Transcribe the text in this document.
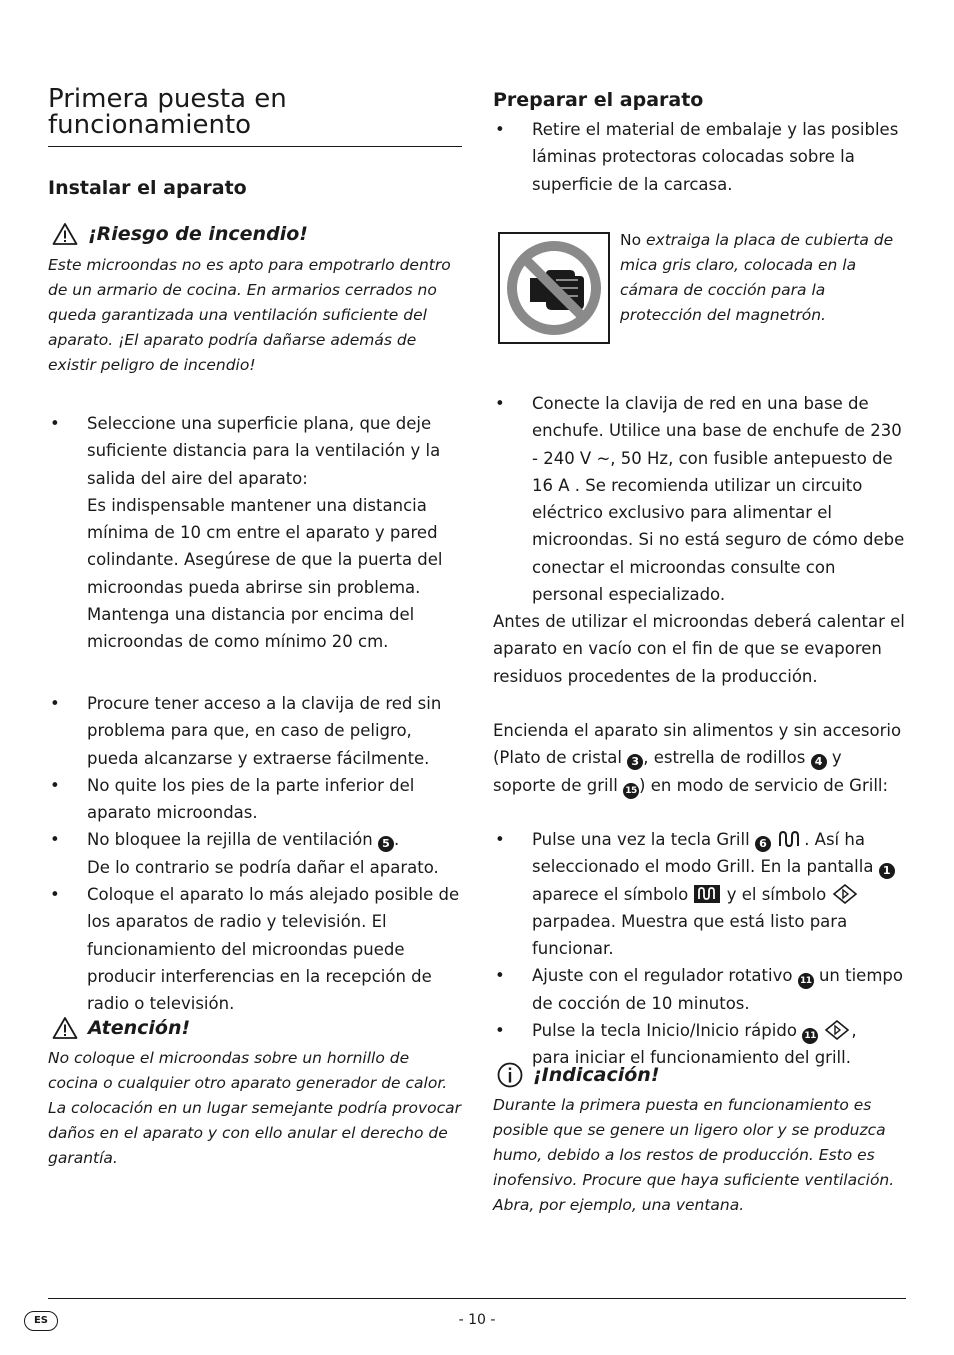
Primera puesta en
funcionamiento
Instalar el aparato
¡Riesgo de incendio!
Este microondas no es apto para empotrarlo dentro de un armario de cocina. En armarios cerrados no queda garantizada una ventilación suficiente del aparato. ¡El aparato podría dañarse además de existir peligro de incendio!

• Seleccione una superficie plana, que deje suficiente distancia para la ventilación y la salida del aire del aparato:

Es indispensable mantener una distancia mínima de 10 cm entre el aparato y pared colindante. Asegúrese de que la puerta del microondas pueda abrirse sin problema.

Mantenga una distancia por encima del microondas de como mínimo 20 cm.

• Procure tener acceso a la clavija de red sin problema para que, en caso de peligro, pueda alcanzarse y extraerse fácilmente.
• No quite los pies de la parte inferior del aparato microondas.
• No bloquee la rejilla de ventilación 5 .
De lo contrario se podría dañar el aparato.
• Coloque el aparato lo más alejado posible de los aparatos de radio y televisión. El funcionamiento del microondas puede producir interferencias en la recepción de radio o televisión.
Atención!

No coloque el microondas sobre un hornillo de cocina o cualquier otro aparato generador de calor.

La colocación en un lugar semejante podría provocar daños en el aparato y con ello anular el derecho de garantía.

Preparar el aparato
• Retire el material de embalaje y las posibles láminas protectoras colocadas sobre la superficie de la carcasa.
No extraiga la placa de cubierta de mica gris claro, colocada en la cámara de cocción para la protección del magnetrón.
• Conecte la clavija de red en una base de enchufe. Utilice una base de enchufe de 230 - 240 V ~, 50 Hz, con fusible antepuesto de 16 A . Se recomienda utilizar un circuito eléctrico exclusivo para alimentar el microondas. Si no está seguro de cómo debe conectar el microondas consulte con personal especializado.
Antes de utilizar el microondas deberá calentar el aparato en vacío con el fin de que se evaporen residuos procedentes de la producción.
Encienda el aparato sin alimentos y sin accesorio (Plato de cristal 3 , estrella de rodillos 4 y soporte de grill 15 ) en modo de servicio de Grill:
• Pulse una vez la tecla Grill 6 . Así ha seleccionado el modo Grill. En la pantalla 1 aparece el símbolo  y el símbolo  parpadea. Muestra que está listo para funcionar.
• Ajuste con el regulador rotativo 11 un tiempo de cocción de 10 minutos.
• Pulse la tecla Inicio/Inicio rápido 11 ,
para iniciar el funcionamiento del grill.
¡Indicación!
Durante la primera puesta en funcionamiento es posible que se genere un ligero olor y se produzca humo, debido a los restos de producción. Esto es inofensivo. Procure que haya suficiente ventilación. Abra, por ejemplo, una ventana.
ES	- 10 -
